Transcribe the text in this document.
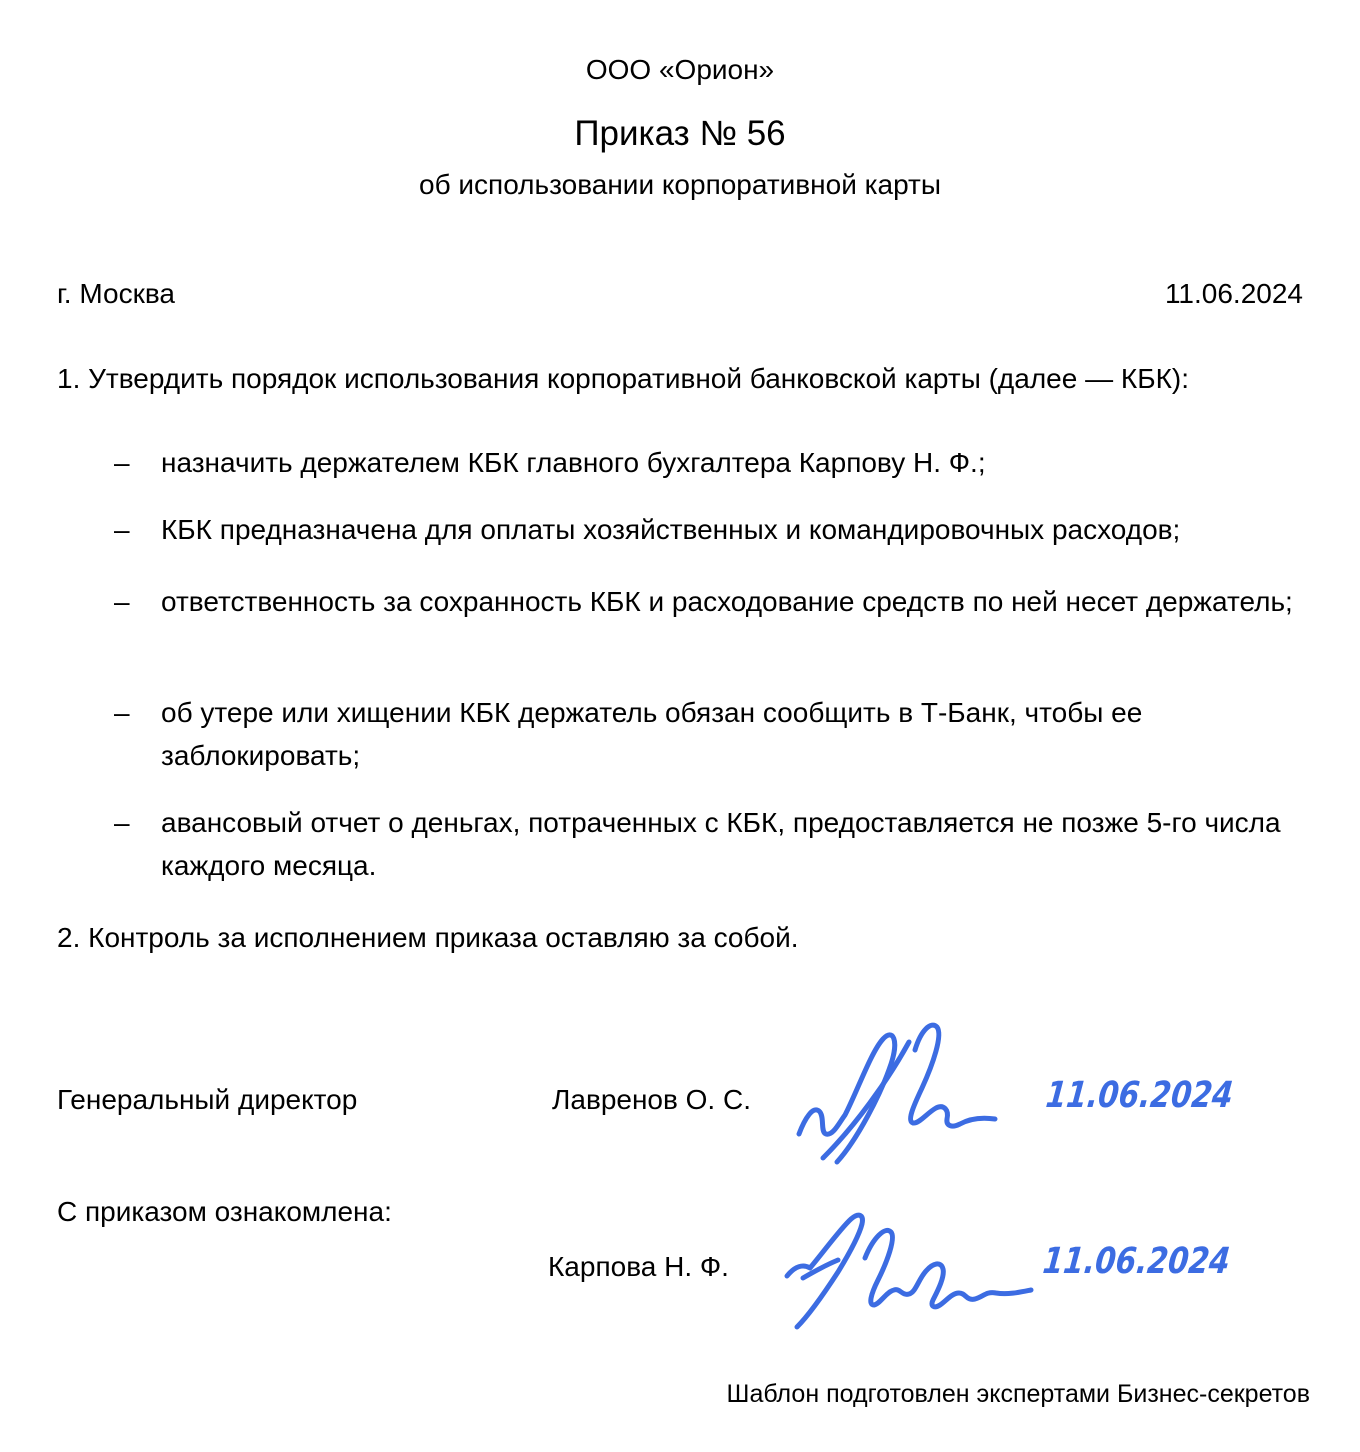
ООО «Орион»
Приказ № 56
об использовании корпоративной карты
г. Москва	11.06.2024
1. Утвердить порядок использования корпоративной банковской карты (далее — КБК):
–	назначить держателем КБК главного бухгалтера Карпову Н. Ф.;
–	КБК предназначена для оплаты хозяйственных и командировочных расходов;
–	ответственность за сохранность КБК и расходование средств по ней несет держатель;
–	об утере или хищении КБК держатель обязан сообщить в Т-Банк, чтобы ее заблокировать;
–	авансовый отчет о деньгах, потраченных с КБК, предоставляется не позже 5-го числа каждого месяца.
2. Контроль за исполнением приказа оставляю за собой.
Генеральный директор	Лавренов О. С.	11.06.2024
С приказом ознакомлена:
Карпова Н. Ф.	11.06.2024
Шаблон подготовлен экспертами Бизнес-секретов
